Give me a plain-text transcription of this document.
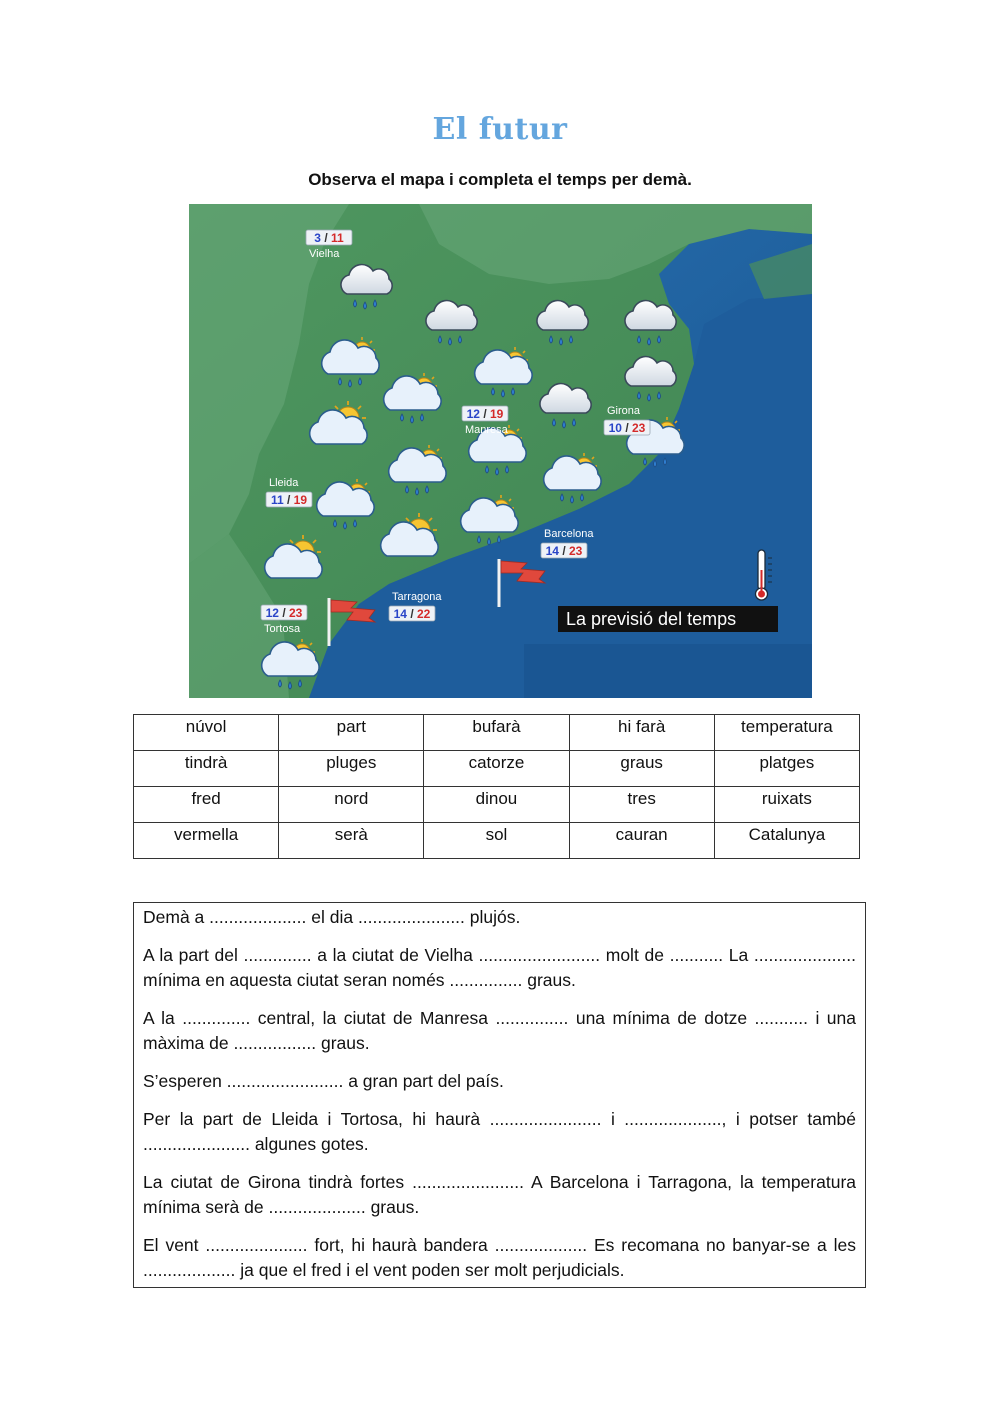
El futur
Observa el mapa i completa el temps per demà.
La previsió del temps
3 / 11
Vielha
12 / 19
Manresa	10 / 23
Girona
11 / 19
Lleida
14 / 23
Barcelona
14 / 22
Tarragona
12 / 23
Tortosa
núvol	part	bufarà	hi farà	temperatura
tindrà	pluges	catorze	graus	platges
fred	nord	dinou	tres	ruixats
vermella	serà	sol	cauran	Catalunya

Demà a .................... el dia ...................... plujós.

A la part del .............. a la ciutat de Vielha ......................... molt de ........... La ..................... mínima en aquesta ciutat seran només ............... graus.

A la .............. central, la ciutat de Manresa ............... una mínima de dotze ........... i una màxima de ................. graus.

S’esperen ........................ a gran part del país.

Per la part de Lleida i Tortosa, hi haurà ....................... i ...................., i potser també ...................... algunes gotes.

La ciutat de Girona tindrà fortes ....................... A Barcelona i Tarragona, la temperatura mínima serà de .................... graus.

El vent ..................... fort, hi haurà bandera ................... Es recomana no banyar-se a les ................... ja que el fred i el vent poden ser molt perjudicials.
